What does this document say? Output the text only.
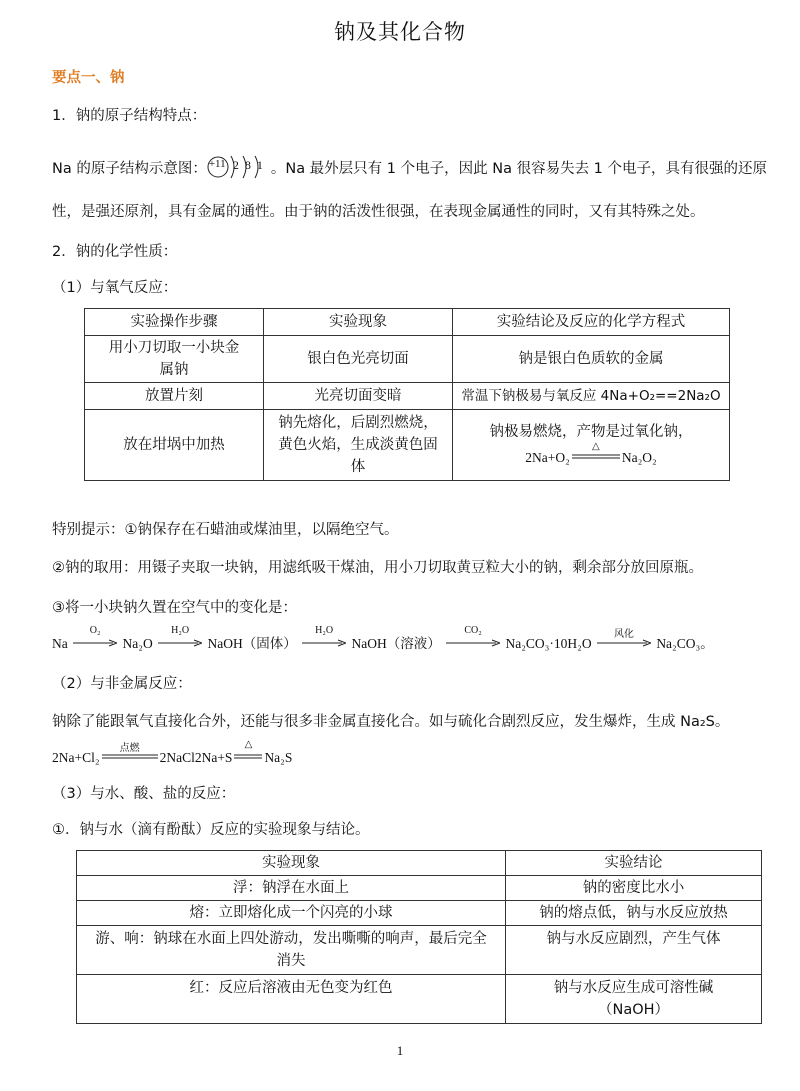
钠及其化合物
要点一、钠
1．钠的原子结构特点：
Na 的原子结构示意图： +11 2 8 1 。Na 最外层只有 1 个电子，因此 Na 很容易失去 1 个电子，具有很强的还原
性，是强还原剂，具有金属的通性。由于钠的活泼性很强，在表现金属通性的同时，又有其特殊之处。
2．钠的化学性质：
（1）与氧气反应：
实验操作步骤	实验现象	实验结论及反应的化学方程式
用小刀切取一小块金属钠	银白色光亮切面	钠是银白色质软的金属
放置片刻	光亮切面变暗	常温下钠极易与氧反应 4Na+O₂==2Na₂O
放在坩埚中加热	钠先熔化，后剧烈燃烧，黄色火焰，生成淡黄色固体	钠极易燃烧，产物是过氧化钠，
2Na+O₂
△
Na₂O₂
特别提示：①钠保存在石蜡油或煤油里，以隔绝空气。
②钠的取用：用镊子夹取一块钠，用滤纸吸干煤油，用小刀切取黄豆粒大小的钠，剩余部分放回原瓶。
③将一小块钠久置在空气中的变化是：
Na
O₂
Na₂O
H₂O
NaOH（固体）
H₂O
NaOH（溶液）
CO₂
Na₂CO₃·10H₂O
风化
Na₂CO₃。
（2）与非金属反应：
钠除了能跟氧气直接化合外，还能与很多非金属直接化合。如与硫化合剧烈反应，发生爆炸，生成 Na₂S。
2Na+Cl₂
点燃
2NaCl2Na+S
△
Na₂S
（3）与水、酸、盐的反应：
①．钠与水（滴有酚酞）反应的实验现象与结论。
实验现象	实验结论
浮：钠浮在水面上	钠的密度比水小
熔：立即熔化成一个闪亮的小球	钠的熔点低，钠与水反应放热
游、响：钠球在水面上四处游动，发出嘶嘶的响声，最后完全消失	钠与水反应剧烈，产生气体
红：反应后溶液由无色变为红色	钠与水反应生成可溶性碱（NaOH）
1
